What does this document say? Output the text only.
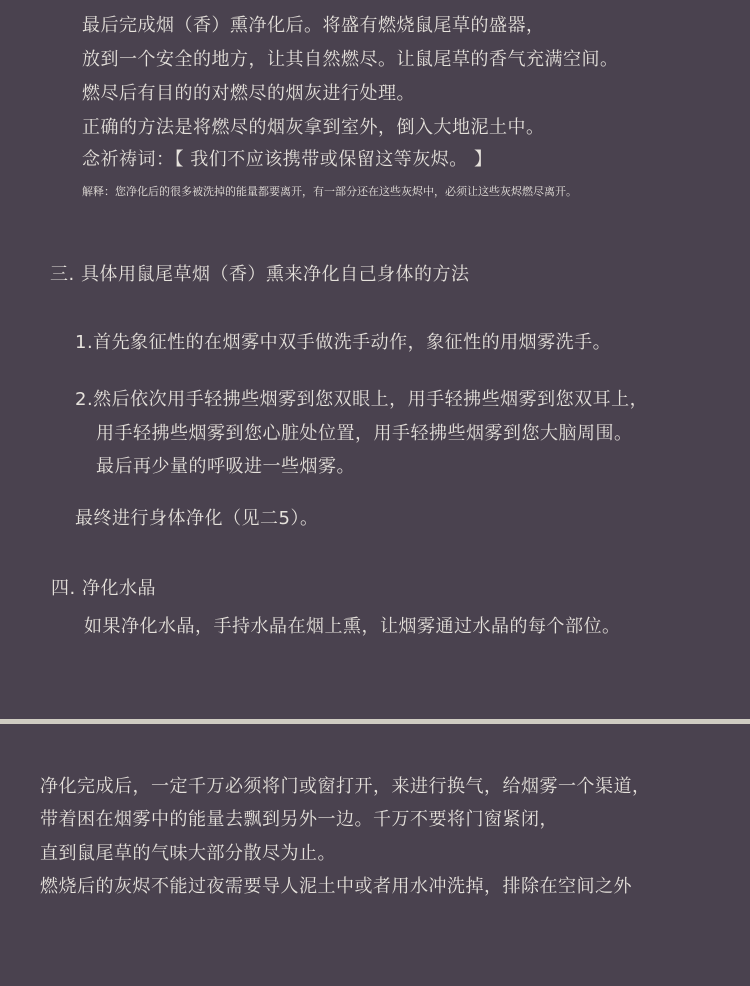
最后完成烟（香）熏净化后。将盛有燃烧鼠尾草的盛器，
放到一个安全的地方，让其自然燃尽。让鼠尾草的香气充满空间。
燃尽后有目的的对燃尽的烟灰进行处理。
正确的方法是将燃尽的烟灰拿到室外，倒入大地泥土中。
念祈祷词：【 我们不应该携带或保留这等灰烬。 】
解释：您净化后的很多被洗掉的能量都要离开，有一部分还在这些灰烬中，必须让这些灰烬燃尽离开。
三. 具体用鼠尾草烟（香）熏来净化自己身体的方法
1.首先象征性的在烟雾中双手做洗手动作，象征性的用烟雾洗手。
2.然后依次用手轻拂些烟雾到您双眼上，用手轻拂些烟雾到您双耳上，
用手轻拂些烟雾到您心脏处位置，用手轻拂些烟雾到您大脑周围。
最后再少量的呼吸进一些烟雾。
最终进行身体净化（见二5）。
四. 净化水晶
如果净化水晶，手持水晶在烟上熏，让烟雾通过水晶的每个部位。
净化完成后，一定千万必须将门或窗打开，来进行换气，给烟雾一个渠道，
带着困在烟雾中的能量去飘到另外一边。千万不要将门窗紧闭，
直到鼠尾草的气味大部分散尽为止。
燃烧后的灰烬不能过夜需要导人泥土中或者用水冲洗掉，排除在空间之外
